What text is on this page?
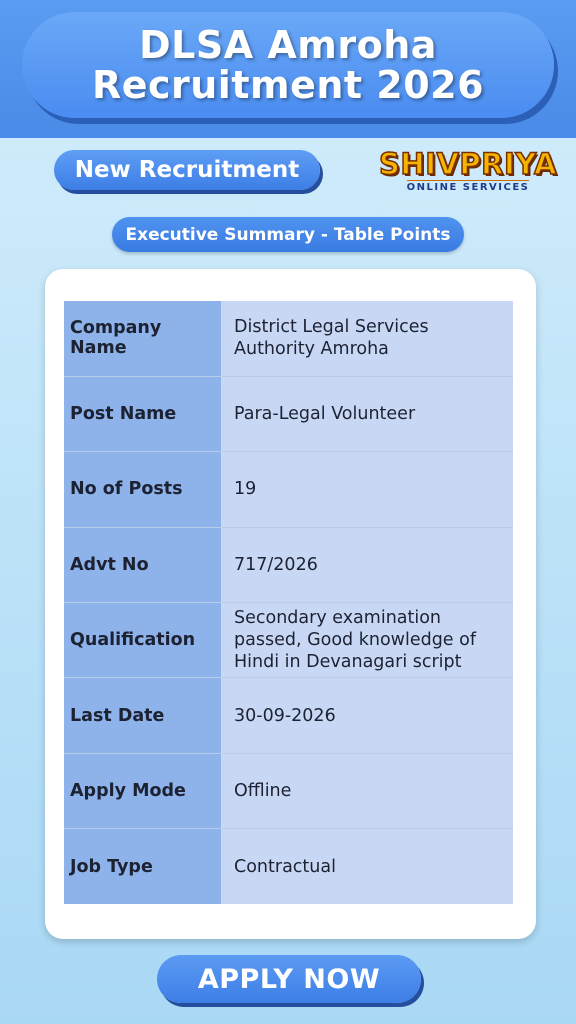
DLSA Amroha
Recruitment 2026
New Recruitment	SHIVPRIYA
ONLINE SERVICES
Executive Summary - Table Points
Company Name	District Legal Services Authority Amroha
Post Name	Para-Legal Volunteer
No of Posts	19
Advt No	717/2026
Qualification	Secondary examination passed, Good knowledge of Hindi in Devanagari script
Last Date	30-09-2026
Apply Mode	Offline
Job Type	Contractual
APPLY NOW
